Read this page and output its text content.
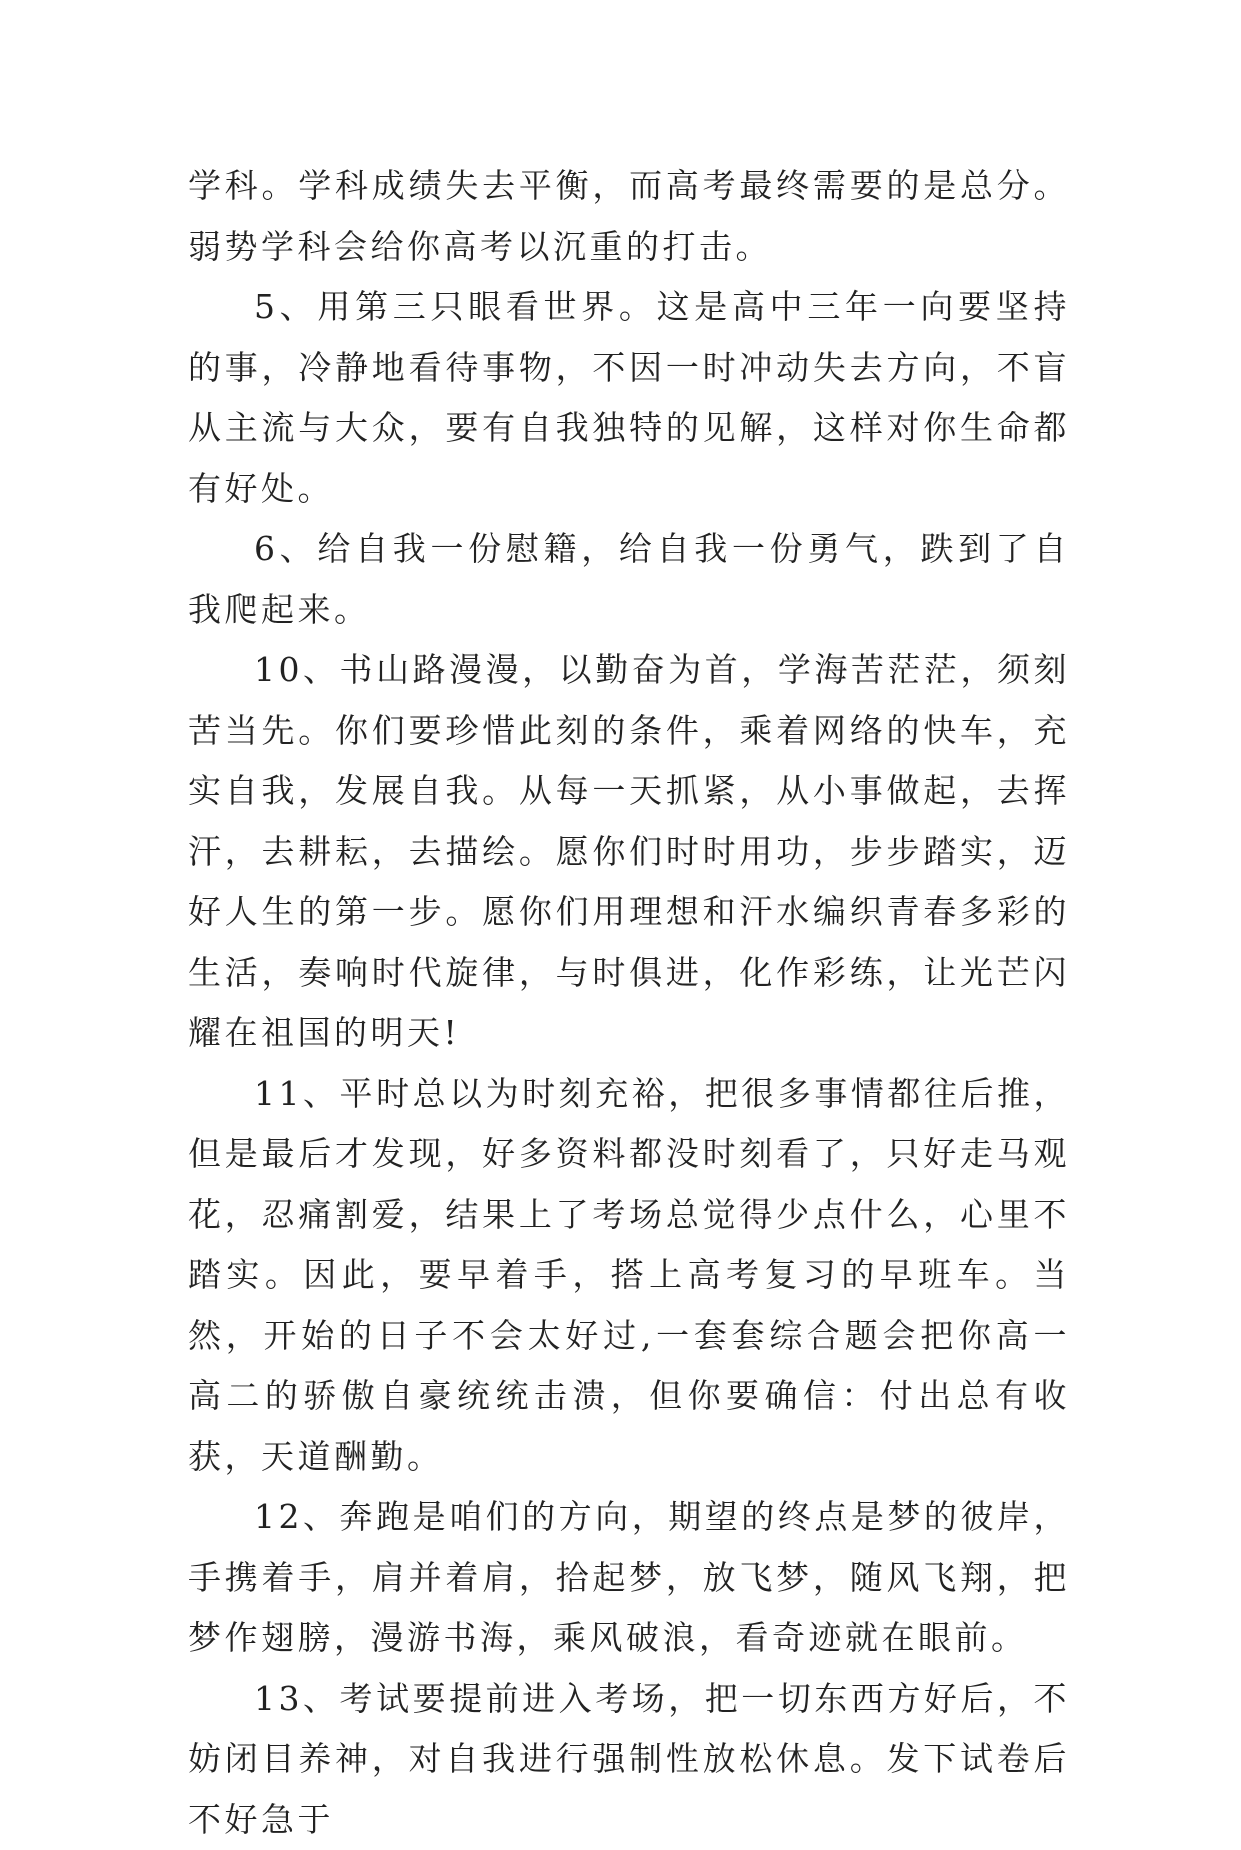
学科。学科成绩失去平衡，而高考最终需要的是总分。弱势学科会给你高考以沉重的打击。

5、用第三只眼看世界。这是高中三年一向要坚持的事，冷静地看待事物，不因一时冲动失去方向，不盲从主流与大众，要有自我独特的见解，这样对你生命都有好处。

6、给自我一份慰籍，给自我一份勇气，跌到了自我爬起来。

10、书山路漫漫，以勤奋为首，学海苦茫茫，须刻苦当先。你们要珍惜此刻的条件，乘着网络的快车，充实自我，发展自我。从每一天抓紧，从小事做起，去挥汗，去耕耘，去描绘。愿你们时时用功，步步踏实，迈好人生的第一步。愿你们用理想和汗水编织青春多彩的生活，奏响时代旋律，与时俱进，化作彩练，让光芒闪耀在祖国的明天!

11、平时总以为时刻充裕，把很多事情都往后推，但是最后才发现，好多资料都没时刻看了，只好走马观花，忍痛割爱，结果上了考场总觉得少点什么，心里不踏实。因此，要早着手，搭上高考复习的早班车。当然，开始的日子不会太好过,一套套综合题会把你高一高二的骄傲自豪统统击溃，但你要确信：付出总有收获，天道酬勤。

12、奔跑是咱们的方向，期望的终点是梦的彼岸，手携着手，肩并着肩，拾起梦，放飞梦，随风飞翔，把梦作翅膀，漫游书海，乘风破浪，看奇迹就在眼前。

13、考试要提前进入考场，把一切东西方好后，不妨闭目养神，对自我进行强制性放松休息。发下试卷后不好急于
